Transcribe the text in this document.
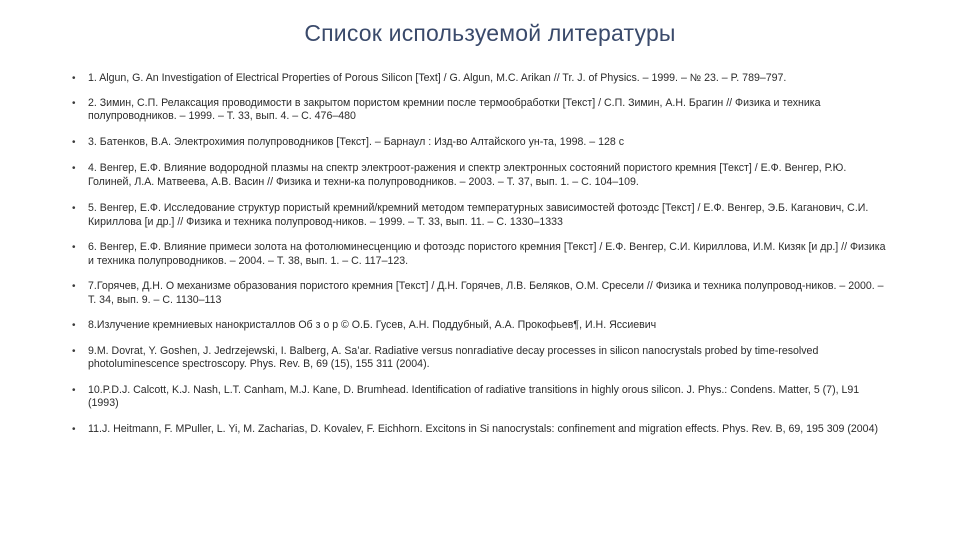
Список используемой литературы
• 1. Algun, G. An Investigation of Electrical Properties of Porous Silicon [Text] / G. Algun, M.C. Arikan // Tr. J. of Physics. – 1999. – № 23. – P. 789–797.
• 2. Зимин, С.П. Релаксация проводимости в закрытом пористом кремнии после термообработки [Текст] / С.П. Зимин, А.Н. Брагин // Физика и техника полупроводников. – 1999. – Т. 33, вып. 4. – С. 476–480
• 3. Батенков, В.А. Электрохимия полупроводников [Текст]. – Барнаул : Изд-во Алтайского ун-та, 1998. – 128 с
• 4. Венгер, Е.Ф. Влияние водородной плазмы на спектр электроот-ражения и спектр электронных состояний пористого кремния [Текст] / Е.Ф. Венгер, Р.Ю. Голиней, Л.А. Матвеева, А.В. Васин // Физика и техни-ка полупроводников. – 2003. – Т. 37, вып. 1. – С. 104–109.
• 5. Венгер, Е.Ф. Исследование структур пористый кремний/кремний методом температурных зависимостей фотоэдс [Текст] / Е.Ф. Венгер, Э.Б. Каганович, С.И. Кириллова [и др.] // Физика и техника полупровод-ников. – 1999. – Т. 33, вып. 11. – С. 1330–1333
• 6. Венгер, Е.Ф. Влияние примеси золота на фотолюминесценцию и фотоэдс пористого кремния [Текст] / Е.Ф. Венгер, С.И. Кириллова, И.М. Кизяк [и др.] // Физика и техника полупроводников. – 2004. – Т. 38, вып. 1. – С. 117–123.
• 7.Горячев, Д.Н. О механизме образования пористого кремния [Текст] / Д.Н. Горячев, Л.В. Беляков, О.М. Сресели // Физика и техника полупровод-ников. – 2000. – Т. 34, вып. 9. – С. 1130–113
• 8.Излучение кремниевых нанокристаллов Об з о р © О.Б. Гусев, А.Н. Поддубный, А.А. Прокофьев¶, И.Н. Яссиевич
• 9.M. Dovrat, Y. Goshen, J. Jedrzejewski, I. Balberg, A. Sa’ar. Radiative versus nonradiative decay processes in silicon nanocrystals probed by time-resolved photoluminescence spectroscopy. Phys. Rev. B, 69 (15), 155 311 (2004).
• 10.P.D.J. Calcott, K.J. Nash, L.T. Canham, M.J. Kane, D. Brumhead. Identification of radiative transitions in highly orous silicon. J. Phys.: Condens. Matter, 5 (7), L91 (1993)
• 11.J. Heitmann, F. MPuller, L. Yi, M. Zacharias, D. Kovalev, F. Eichhorn. Excitons in Si nanocrystals: confinement and migration effects. Phys. Rev. B, 69, 195 309 (2004)
